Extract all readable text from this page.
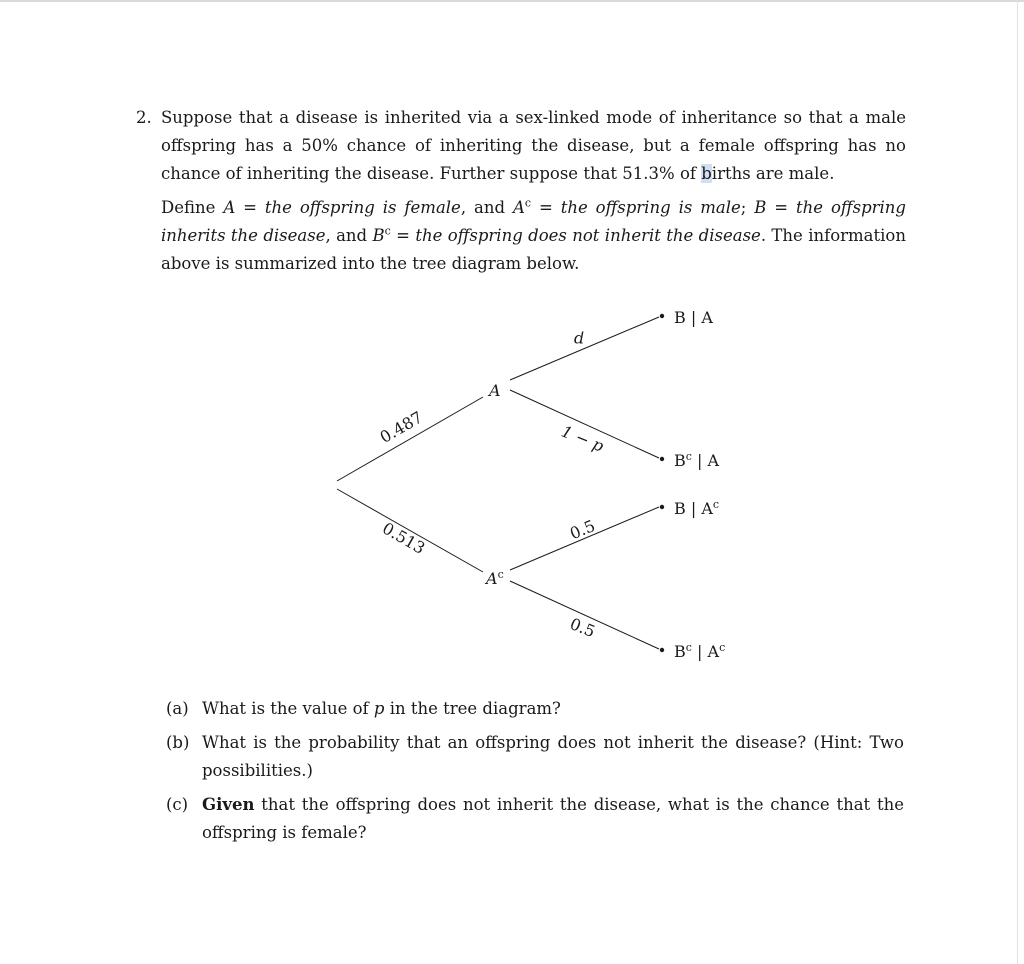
2. Suppose that a disease is inherited via a sex-linked mode of inheritance so that a male offspring has a 50% chance of inheriting the disease, but a female offspring has no chance of inheriting the disease. Further suppose that 51.3% of births are male.
Define A = the offspring is female, and $A^c$ = the offspring is male; B = the offspring inherits the disease, and $B^c$ = the offspring does not inherit the disease. The information above is summarized into the tree diagram below.
0.487
0.513
A
$A^c$
p
1 − p
0.5
0.5
B | A
$B^c$ | A
B | $A^c$
$B^c$ | $A^c$
(a) What is the value of p in the tree diagram?
(b) What is the probability that an offspring does not inherit the disease? (Hint: Two possibilities.)
(c) Given that the offspring does not inherit the disease, what is the chance that the offspring is female?
